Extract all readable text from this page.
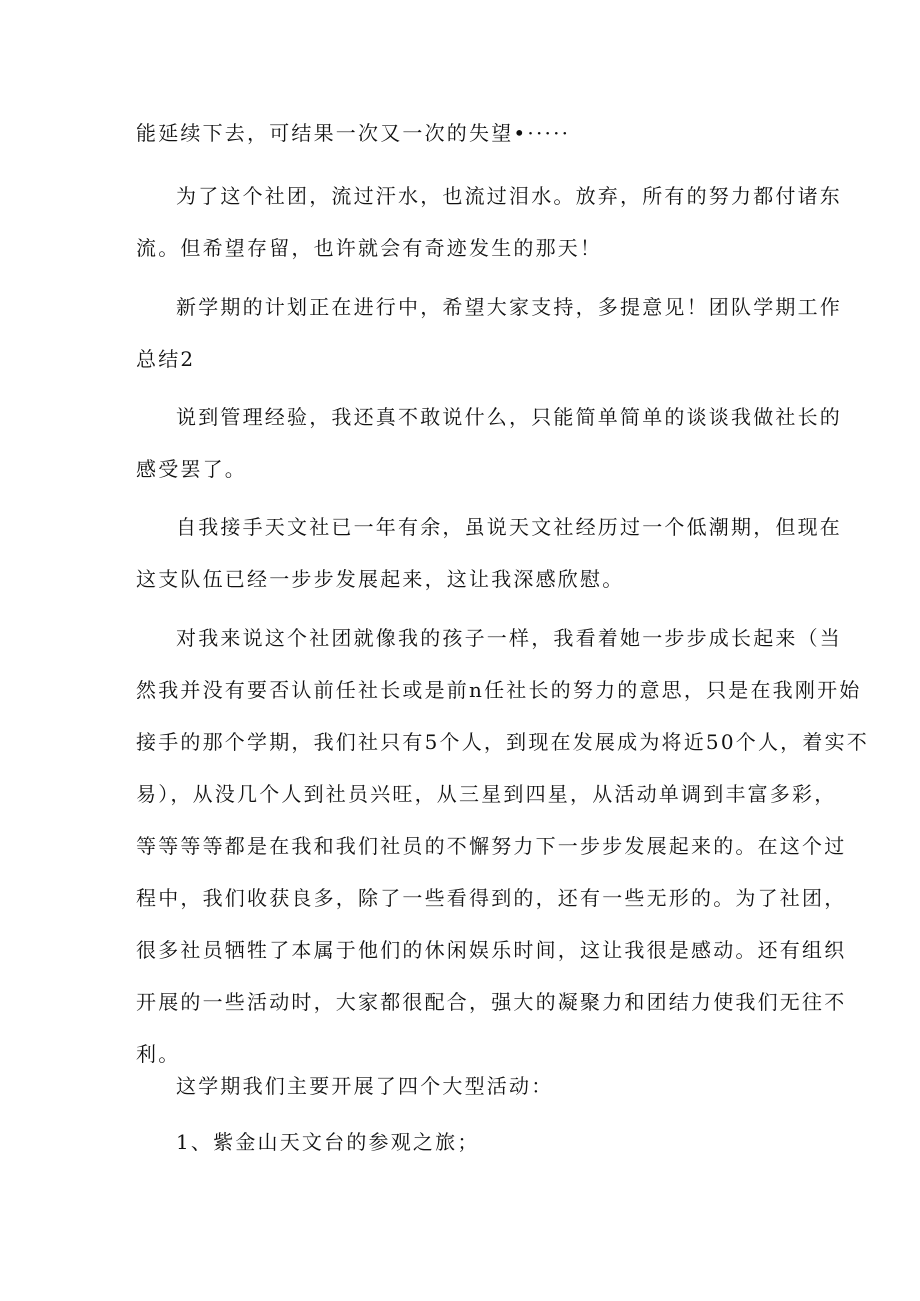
能延续下去，可结果一次又一次的失望•·····

为了这个社团，流过汗水，也流过泪水。放弃，所有的努力都付诸东
流。但希望存留，也许就会有奇迹发生的那天！

新学期的计划正在进行中，希望大家支持，多提意见！团队学期工作
总结2

说到管理经验，我还真不敢说什么，只能简单简单的谈谈我做社长的
感受罢了。

自我接手天文社已一年有余，虽说天文社经历过一个低潮期，但现在
这支队伍已经一步步发展起来，这让我深感欣慰。

对我来说这个社团就像我的孩子一样，我看着她一步步成长起来（当
然我并没有要否认前任社长或是前n任社长的努力的意思，只是在我刚开始
接手的那个学期，我们社只有5个人，到现在发展成为将近50个人，着实不
易），从没几个人到社员兴旺，从三星到四星，从活动单调到丰富多彩，
等等等等都是在我和我们社员的不懈努力下一步步发展起来的。在这个过
程中，我们收获良多，除了一些看得到的，还有一些无形的。为了社团，
很多社员牺牲了本属于他们的休闲娱乐时间，这让我很是感动。还有组织
开展的一些活动时，大家都很配合，强大的凝聚力和团结力使我们无往不
利。

这学期我们主要开展了四个大型活动：

1、紫金山天文台的参观之旅；
